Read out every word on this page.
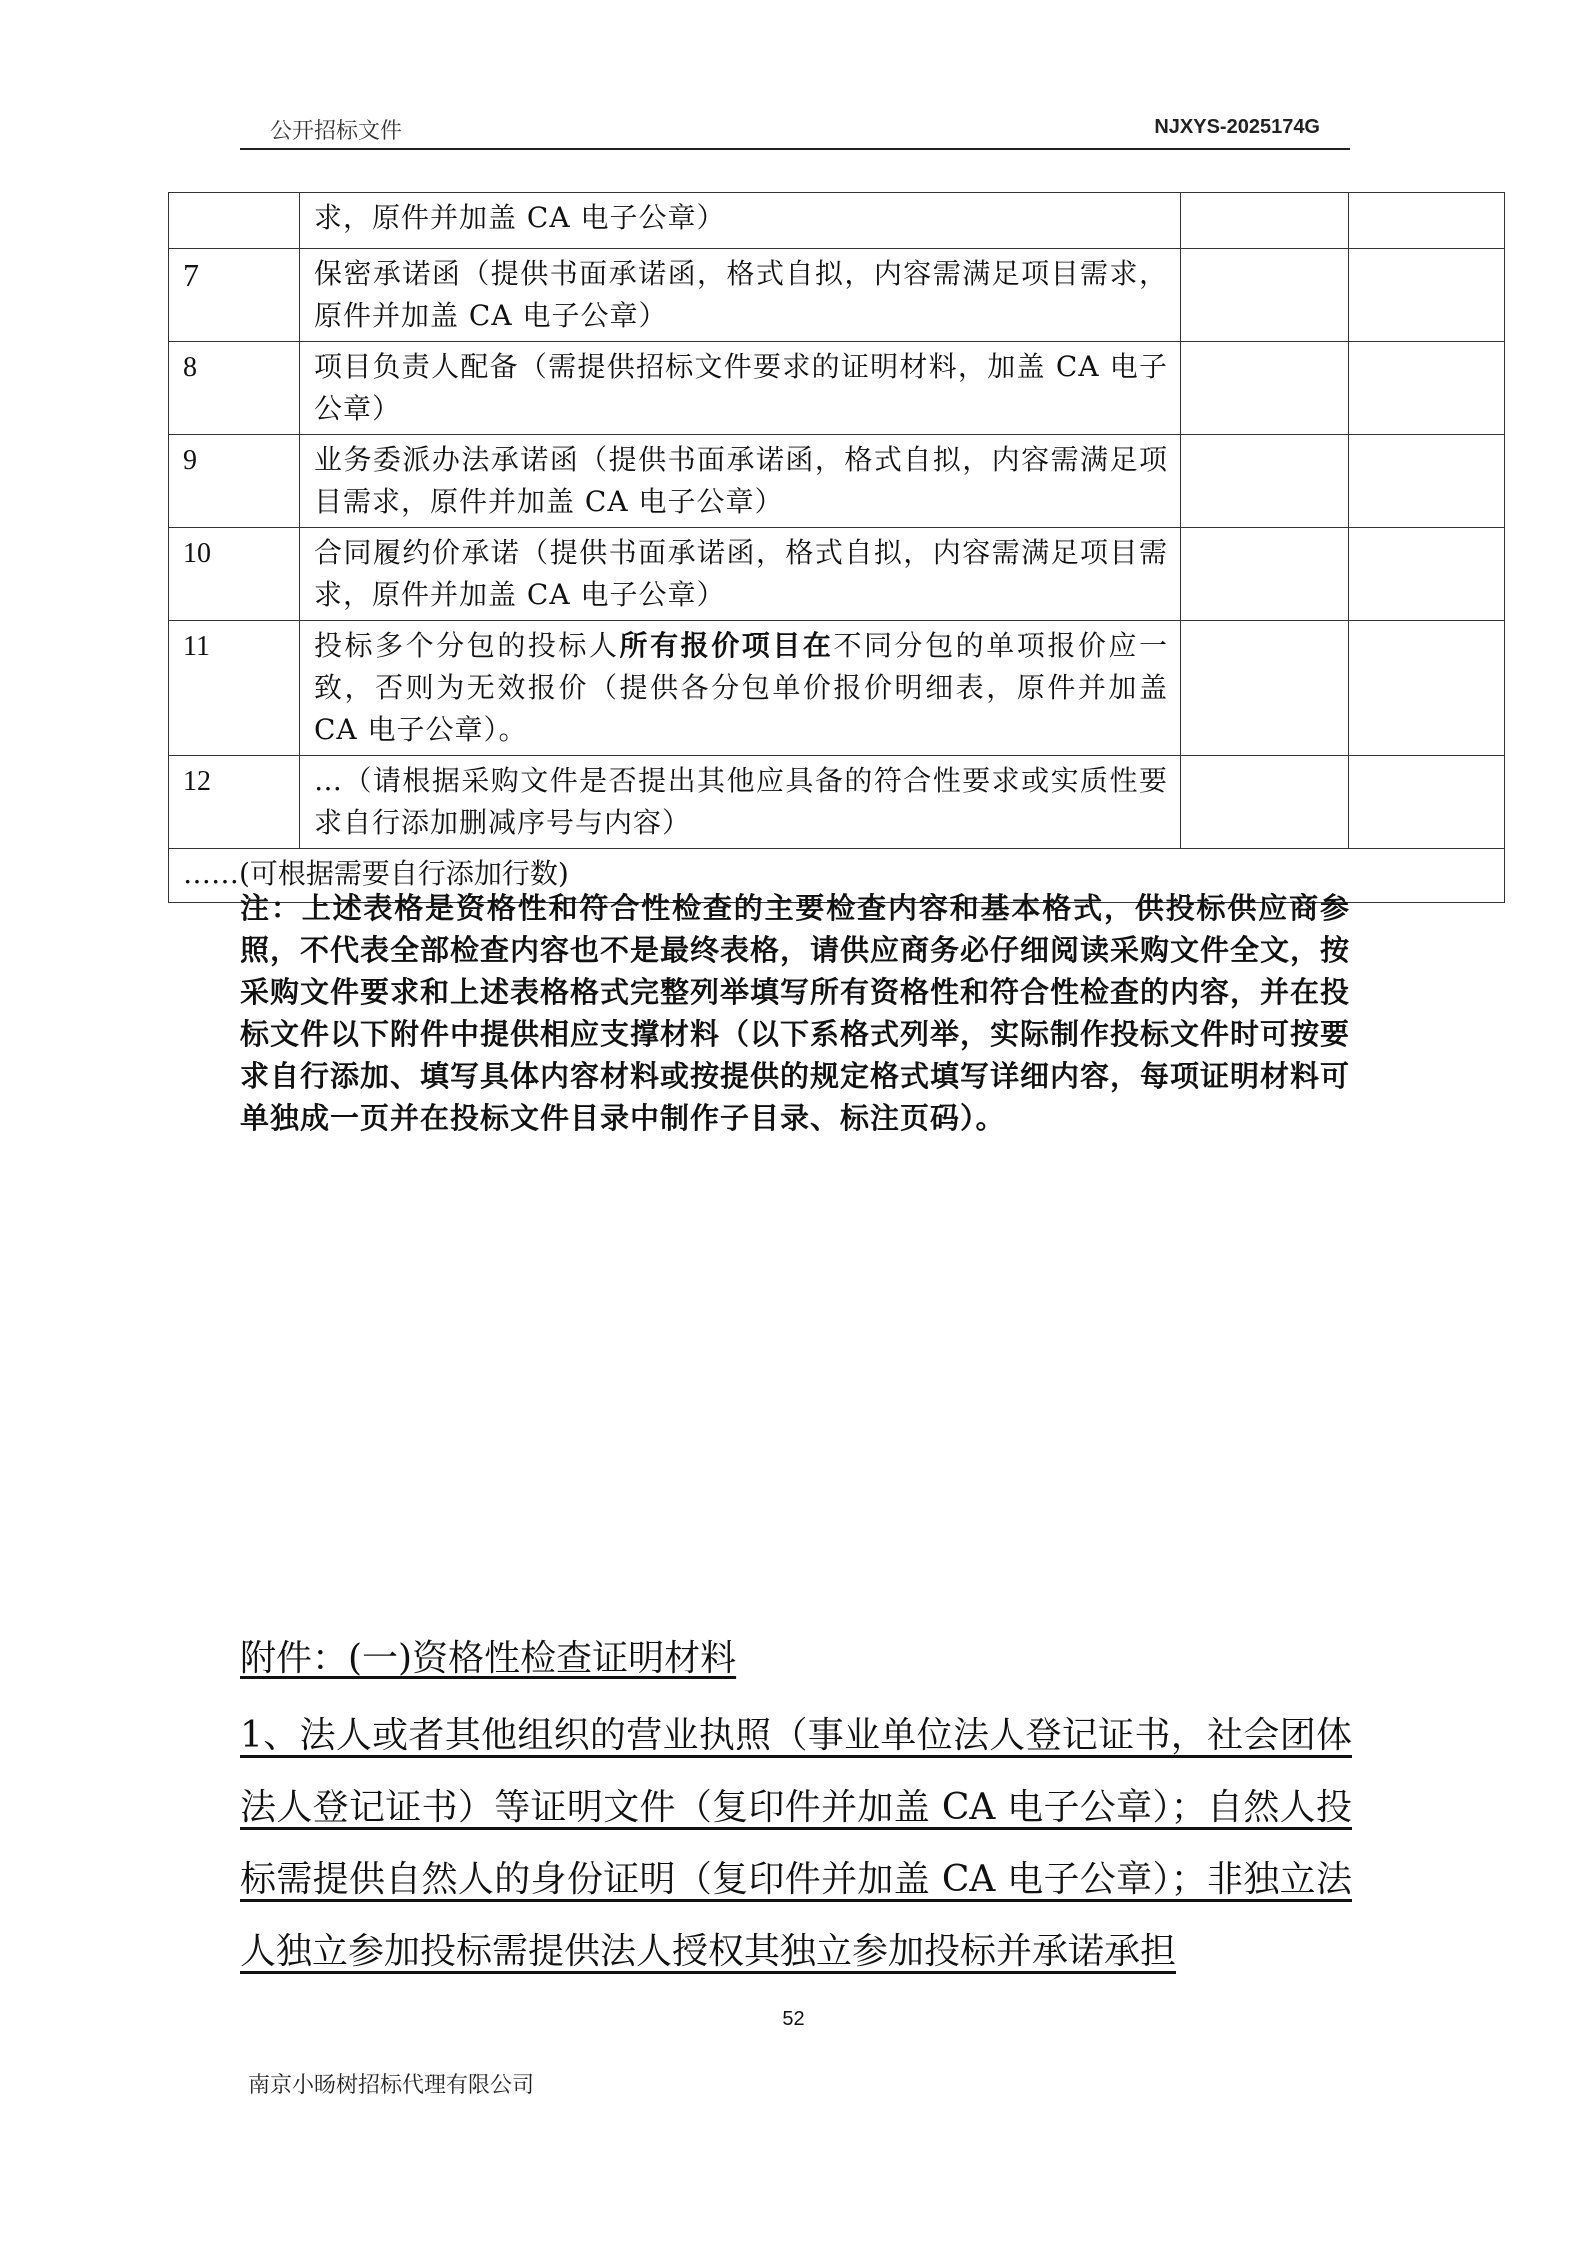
公开招标文件	NJXYS-2025174G
	求，原件并加盖 CA 电子公章）		
7	保密承诺函（提供书面承诺函，格式自拟，内容需满足项目需求，原件并加盖 CA 电子公章）		
8	项目负责人配备（需提供招标文件要求的证明材料，加盖 CA 电子公章）		
9	业务委派办法承诺函（提供书面承诺函，格式自拟，内容需满足项目需求，原件并加盖 CA 电子公章）		
10	合同履约价承诺（提供书面承诺函，格式自拟，内容需满足项目需求，原件并加盖 CA 电子公章）		
11	投标多个分包的投标人所有报价项目在不同分包的单项报价应一致，否则为无效报价（提供各分包单价报价明细表，原件并加盖 CA 电子公章）。		
12	…（请根据采购文件是否提出其他应具备的符合性要求或实质性要求自行添加删减序号与内容）		
……(可根据需要自行添加行数)			
注：上述表格是资格性和符合性检查的主要检查内容和基本格式，供投标供应商参照，不代表全部检查内容也不是最终表格，请供应商务必仔细阅读采购文件全文，按采购文件要求和上述表格格式完整列举填写所有资格性和符合性检查的内容，并在投标文件以下附件中提供相应支撑材料（以下系格式列举，实际制作投标文件时可按要求自行添加、填写具体内容材料或按提供的规定格式填写详细内容，每项证明材料可单独成一页并在投标文件目录中制作子目录、标注页码）。
附件：(一)资格性检查证明材料
1、法人或者其他组织的营业执照（事业单位法人登记证书，社会团体法人登记证书）等证明文件（复印件并加盖 CA 电子公章）；自然人投标需提供自然人的身份证明（复印件并加盖 CA 电子公章）；非独立法人独立参加投标需提供法人授权其独立参加投标并承诺承担
52
南京小旸树招标代理有限公司
